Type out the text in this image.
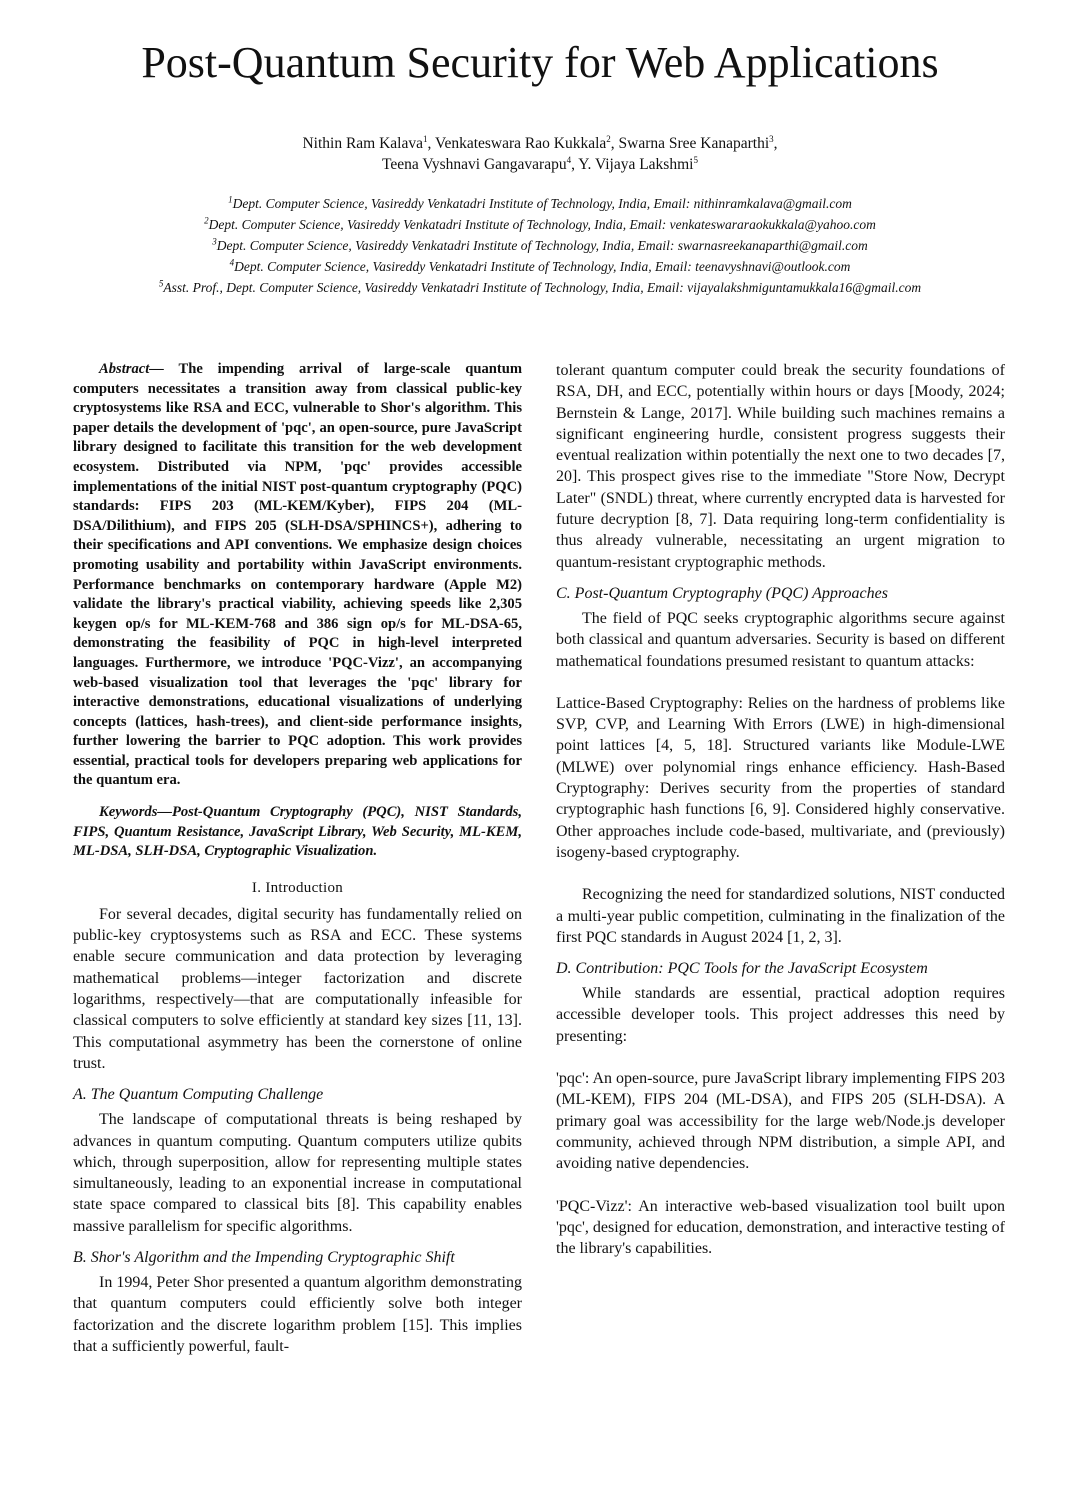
Post-Quantum Security for Web Applications
Nithin Ram Kalava$^1$, Venkateswara Rao Kukkala$^2$, Swarna Sree Kanaparthi$^3$,
Teena Vyshnavi Gangavarapu$^4$, Y. Vijaya Lakshmi$^5$
$^1$Dept. Computer Science, Vasireddy Venkatadri Institute of Technology, India, Email: nithinramkalava@gmail.com
$^2$Dept. Computer Science, Vasireddy Venkatadri Institute of Technology, India, Email: venkateswararaokukkala@yahoo.com
$^3$Dept. Computer Science, Vasireddy Venkatadri Institute of Technology, India, Email: swarnasreekanaparthi@gmail.com
$^4$Dept. Computer Science, Vasireddy Venkatadri Institute of Technology, India, Email: teenavyshnavi@outlook.com
$^5$Asst. Prof., Dept. Computer Science, Vasireddy Venkatadri Institute of Technology, India, Email: vijayalakshmiguntamukkala16@gmail.com

Abstract— The impending arrival of large-scale quantum computers necessitates a transition away from classical public-key cryptosystems like RSA and ECC, vulnerable to Shor's algorithm. This paper details the development of 'pqc', an open-source, pure JavaScript library designed to facilitate this transition for the web development ecosystem. Distributed via NPM, 'pqc' provides accessible implementations of the initial NIST post-quantum cryptography (PQC) standards: FIPS 203 (ML-KEM/Kyber), FIPS 204 (ML-DSA/Dilithium), and FIPS 205 (SLH-DSA/SPHINCS+), adhering to their specifications and API conventions. We emphasize design choices promoting usability and portability within JavaScript environments. Performance benchmarks on contemporary hardware (Apple M2) validate the library's practical viability, achieving speeds like 2,305 keygen op/s for ML-KEM-768 and 386 sign op/s for ML-DSA-65, demonstrating the feasibility of PQC in high-level interpreted languages. Furthermore, we introduce 'PQC-Vizz', an accompanying web-based visualization tool that leverages the 'pqc' library for interactive demonstrations, educational visualizations of underlying concepts (lattices, hash-trees), and client-side performance insights, further lowering the barrier to PQC adoption. This work provides essential, practical tools for developers preparing web applications for the quantum era.

Keywords—Post-Quantum Cryptography (PQC), NIST Standards, FIPS, Quantum Resistance, JavaScript Library, Web Security, ML-KEM, ML-DSA, SLH-DSA, Cryptographic Visualization.

I. Introduction

For several decades, digital security has fundamentally relied on public-key cryptosystems such as RSA and ECC. These systems enable secure communication and data protection by leveraging mathematical problems—integer factorization and discrete logarithms, respectively—that are computationally infeasible for classical computers to solve efficiently at standard key sizes [11, 13]. This computational asymmetry has been the cornerstone of online trust.

A. The Quantum Computing Challenge

The landscape of computational threats is being reshaped by advances in quantum computing. Quantum computers utilize qubits which, through superposition, allow for representing multiple states simultaneously, leading to an exponential increase in computational state space compared to classical bits [8]. This capability enables massive parallelism for specific algorithms.

B. Shor's Algorithm and the Impending Cryptographic Shift

In 1994, Peter Shor presented a quantum algorithm demonstrating that quantum computers could efficiently solve both integer factorization and the discrete logarithm problem [15]. This implies that a sufficiently powerful, fault-

tolerant quantum computer could break the security foundations of RSA, DH, and ECC, potentially within hours or days [Moody, 2024; Bernstein & Lange, 2017]. While building such machines remains a significant engineering hurdle, consistent progress suggests their eventual realization within potentially the next one to two decades [7, 20]. This prospect gives rise to the immediate "Store Now, Decrypt Later" (SNDL) threat, where currently encrypted data is harvested for future decryption [8, 7]. Data requiring long-term confidentiality is thus already vulnerable, necessitating an urgent migration to quantum-resistant cryptographic methods.

C. Post-Quantum Cryptography (PQC) Approaches

The field of PQC seeks cryptographic algorithms secure against both classical and quantum adversaries. Security is based on different mathematical foundations presumed resistant to quantum attacks:

Lattice-Based Cryptography: Relies on the hardness of problems like SVP, CVP, and Learning With Errors (LWE) in high-dimensional point lattices [4, 5, 18]. Structured variants like Module-LWE (MLWE) over polynomial rings enhance efficiency. Hash-Based Cryptography: Derives security from the properties of standard cryptographic hash functions [6, 9]. Considered highly conservative. Other approaches include code-based, multivariate, and (previously) isogeny-based cryptography.

Recognizing the need for standardized solutions, NIST conducted a multi-year public competition, culminating in the finalization of the first PQC standards in August 2024 [1, 2, 3].

D. Contribution: PQC Tools for the JavaScript Ecosystem

While standards are essential, practical adoption requires accessible developer tools. This project addresses this need by presenting:

'pqc': An open-source, pure JavaScript library implementing FIPS 203 (ML-KEM), FIPS 204 (ML-DSA), and FIPS 205 (SLH-DSA). A primary goal was accessibility for the large web/Node.js developer community, achieved through NPM distribution, a simple API, and avoiding native dependencies.

'PQC-Vizz': An interactive web-based visualization tool built upon 'pqc', designed for education, demonstration, and interactive testing of the library's capabilities.
